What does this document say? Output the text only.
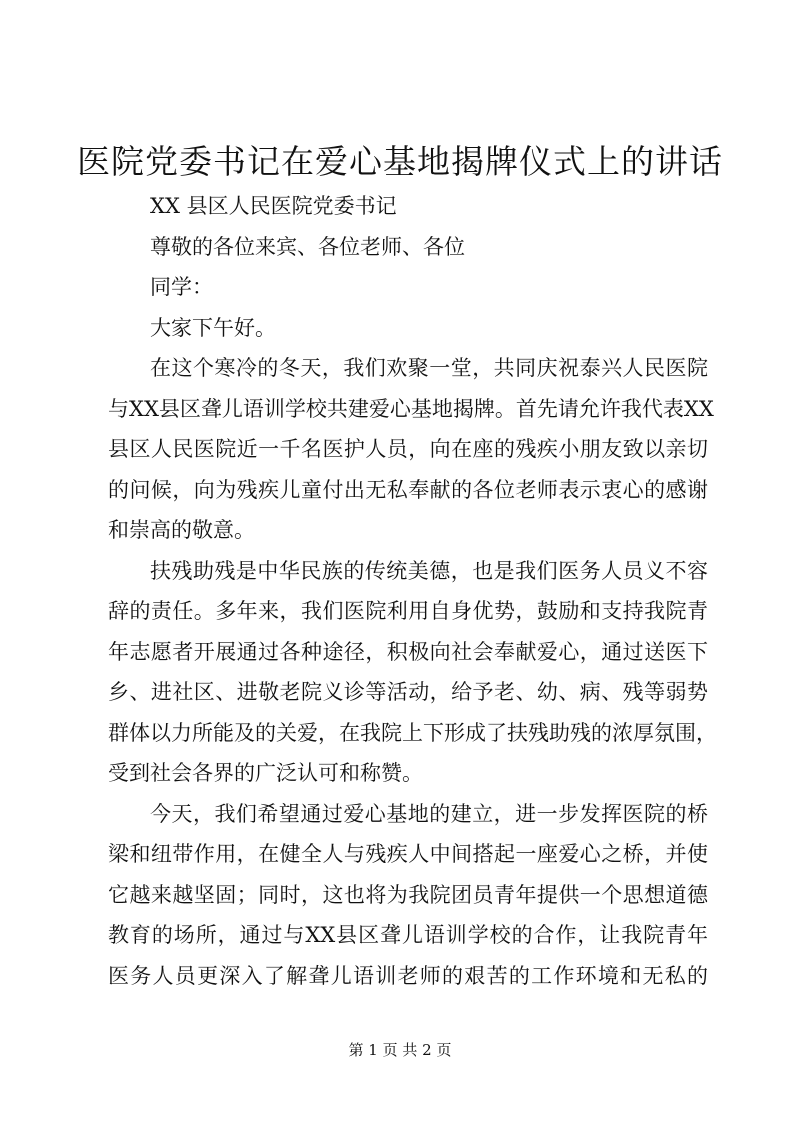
医院党委书记在爱心基地揭牌仪式上的讲话

XX 县区人民医院党委书记

尊敬的各位来宾、各位老师、各位

同学：

大家下午好。

在这个寒冷的冬天，我们欢聚一堂，共同庆祝泰兴人民医院

与XX县区聋儿语训学校共建爱心基地揭牌。首先请允许我代表XX

县区人民医院近一千名医护人员，向在座的残疾小朋友致以亲切

的问候，向为残疾儿童付出无私奉献的各位老师表示衷心的感谢

和崇高的敬意。

扶残助残是中华民族的传统美德，也是我们医务人员义不容

辞的责任。多年来，我们医院利用自身优势，鼓励和支持我院青

年志愿者开展通过各种途径，积极向社会奉献爱心，通过送医下

乡、进社区、进敬老院义诊等活动，给予老、幼、病、残等弱势

群体以力所能及的关爱，在我院上下形成了扶残助残的浓厚氛围，

受到社会各界的广泛认可和称赞。

今天，我们希望通过爱心基地的建立，进一步发挥医院的桥

梁和纽带作用，在健全人与残疾人中间搭起一座爱心之桥，并使

它越来越坚固；同时，这也将为我院团员青年提供一个思想道德

教育的场所，通过与XX县区聋儿语训学校的合作，让我院青年

医务人员更深入了解聋儿语训老师的艰苦的工作环境和无私的

第 1 页 共 2 页
